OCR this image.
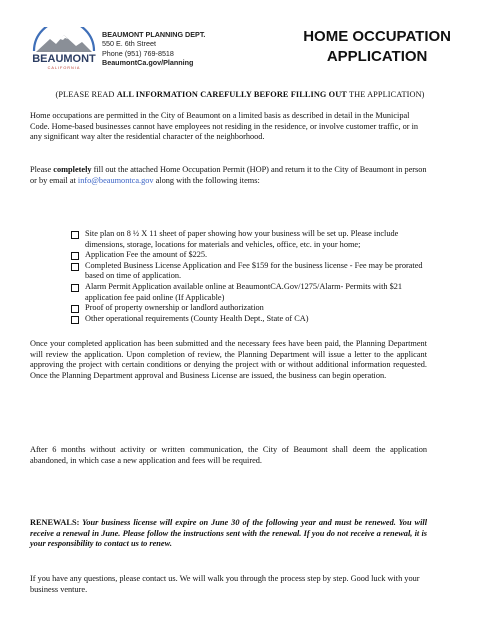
BEAUMONT
CALIFORNIA
BEAUMONT PLANNING DEPT.
550 E. 6th Street
Phone (951) 769-8518
BeaumontCa.gov/Planning
HOME OCCUPATION
APPLICATION
(PLEASE READ ALL INFORMATION CAREFULLY BEFORE FILLING OUT THE APPLICATION)
Home occupations are permitted in the City of Beaumont on a limited basis as described in detail in the Municipal Code. Home-based businesses cannot have employees not residing in the residence, or involve customer traffic, or in any significant way alter the residential character of the neighborhood.
Please completely fill out the attached Home Occupation Permit (HOP) and return it to the City of Beaumont in person or by email at info@beaumontca.gov along with the following items:
Site plan on 8 ½ X 11 sheet of paper showing how your business will be set up. Please include dimensions, storage, locations for materials and vehicles, office, etc. in your home;
Application Fee the amount of $225.
Completed Business License Application and Fee $159 for the business license - Fee may be prorated based on time of application.
Alarm Permit Application available online at BeaumontCA.Gov/1275/Alarm- Permits with $21 application fee paid online (If Applicable)
Proof of property ownership or landlord authorization
Other operational requirements (County Health Dept., State of CA)
Once your completed application has been submitted and the necessary fees have been paid, the Planning Department will review the application. Upon completion of review, the Planning Department will issue a letter to the applicant approving the project with certain conditions or denying the project with or without additional information requested. Once the Planning Department approval and Business License are issued, the business can begin operation.
After 6 months without activity or written communication, the City of Beaumont shall deem the application abandoned, in which case a new application and fees will be required.
RENEWALS: Your business license will expire on June 30 of the following year and must be renewed. You will receive a renewal in June. Please follow the instructions sent with the renewal. If you do not receive a renewal, it is your responsibility to contact us to renew.
If you have any questions, please contact us. We will walk you through the process step by step. Good luck with your business venture.
